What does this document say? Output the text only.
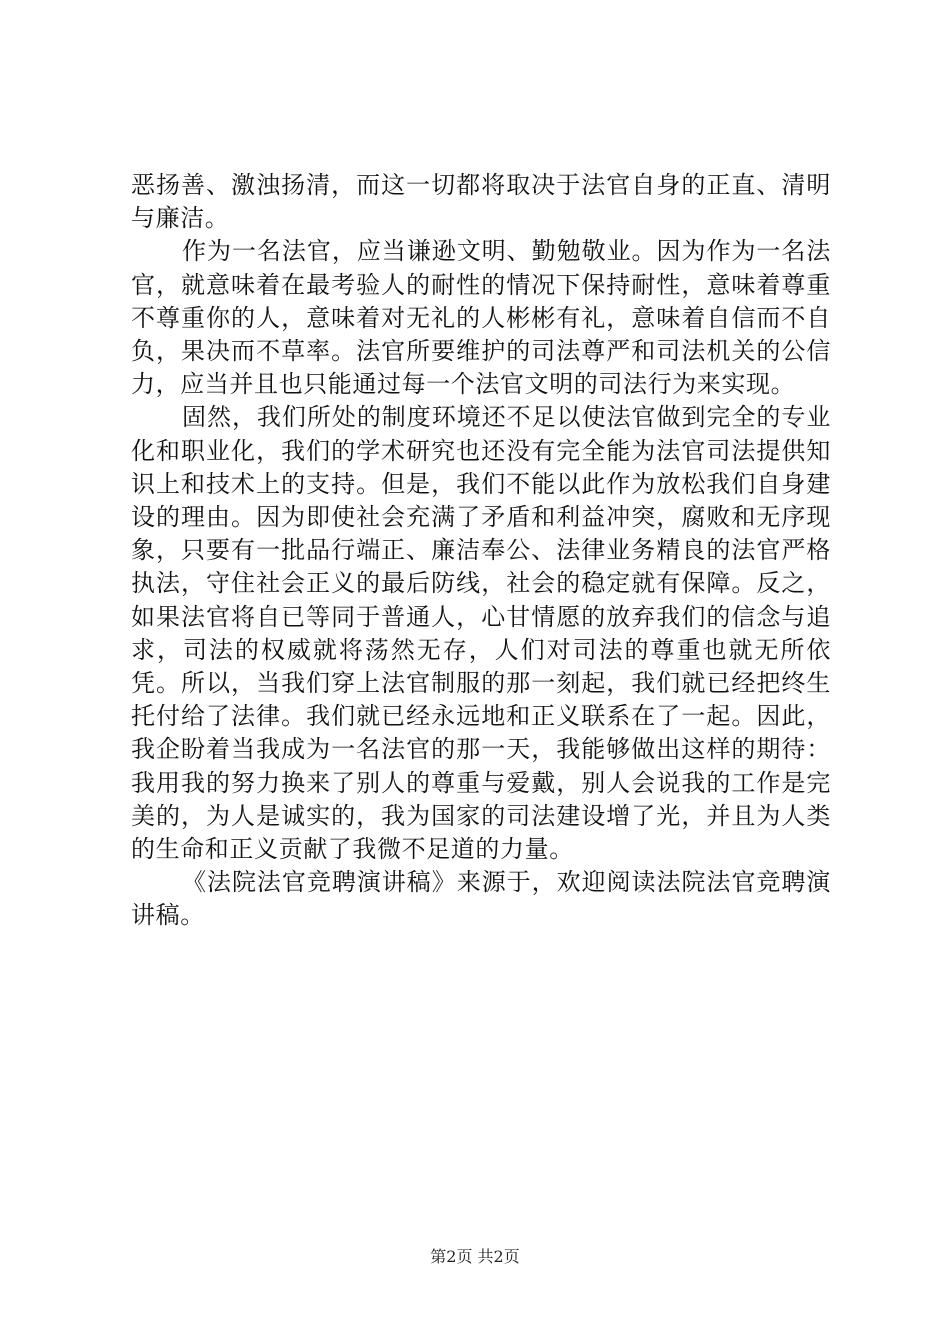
恶扬善、激浊扬清，而这一切都将取决于法官自身的正直、清明与廉洁。

作为一名法官，应当谦逊文明、勤勉敬业。因为作为一名法官，就意味着在最考验人的耐性的情况下保持耐性，意味着尊重不尊重你的人，意味着对无礼的人彬彬有礼，意味着自信而不自负，果决而不草率。法官所要维护的司法尊严和司法机关的公信力，应当并且也只能通过每一个法官文明的司法行为来实现。

固然，我们所处的制度环境还不足以使法官做到完全的专业化和职业化，我们的学术研究也还没有完全能为法官司法提供知识上和技术上的支持。但是，我们不能以此作为放松我们自身建设的理由。因为即使社会充满了矛盾和利益冲突，腐败和无序现象，只要有一批品行端正、廉洁奉公、法律业务精良的法官严格执法，守住社会正义的最后防线，社会的稳定就有保障。反之，如果法官将自已等同于普通人，心甘情愿的放弃我们的信念与追求，司法的权威就将荡然无存，人们对司法的尊重也就无所依凭。所以，当我们穿上法官制服的那一刻起，我们就已经把终生托付给了法律。我们就已经永远地和正义联系在了一起。因此，我企盼着当我成为一名法官的那一天，我能够做出这样的期待：我用我的努力换来了别人的尊重与爱戴，别人会说我的工作是完美的，为人是诚实的，我为国家的司法建设增了光，并且为人类的生命和正义贡献了我微不足道的力量。

《法院法官竞聘演讲稿》来源于，欢迎阅读法院法官竞聘演讲稿。

第2页 共2页
